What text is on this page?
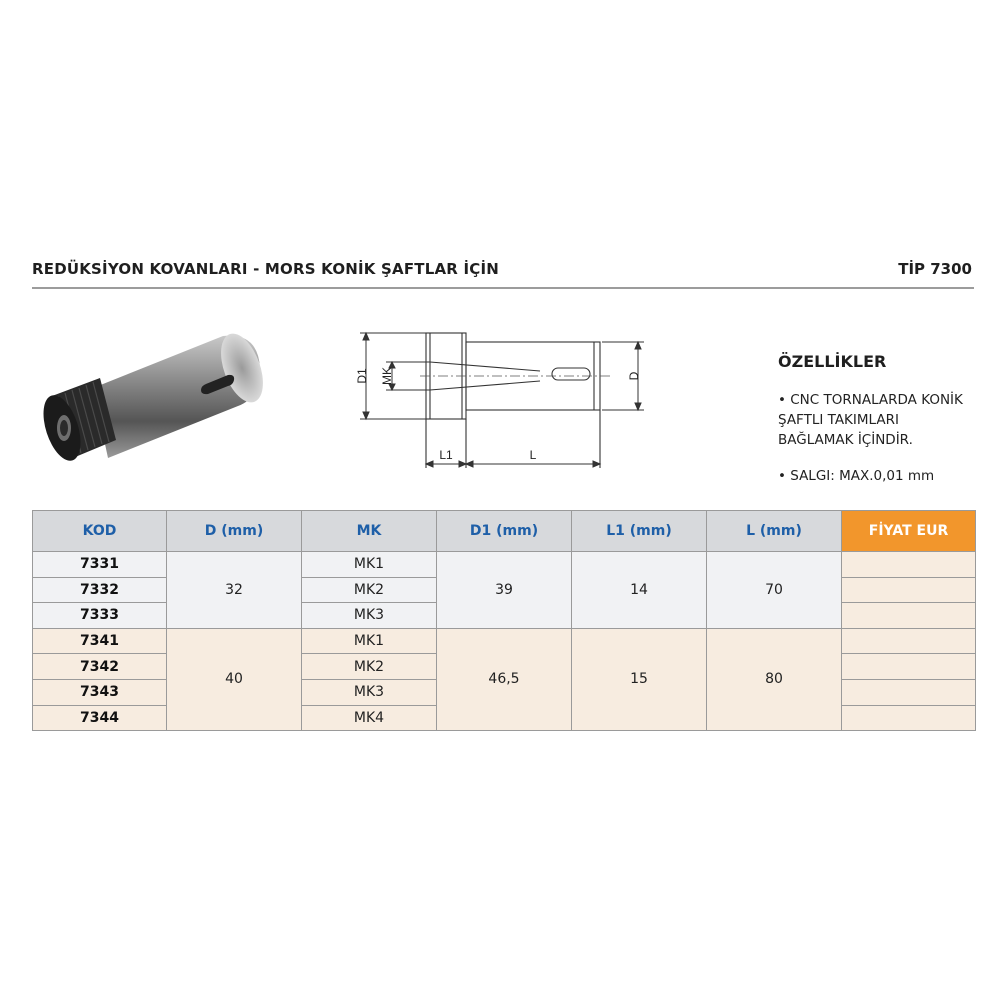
REDÜKSİYON KOVANLARI - MORS KONİK ŞAFTLAR İÇİN	TİP 7300
D1 MK	D
L1	L
ÖZELLİKLER
• CNC TORNALARDA KONİK ŞAFTLI TAKIMLARI BAĞLAMAK İÇİNDİR.
• SALGI: MAX.0,01 mm
KOD	D (mm)	MK	D1 (mm)	L1 (mm)	L (mm)	FİYAT EUR
7331	32	MK1	39	14	70	
7332		MK2				
7333		MK3				
7341	40	MK1	46,5	15	80	
7342		MK2				
7343		MK3				
7344		MK4				
